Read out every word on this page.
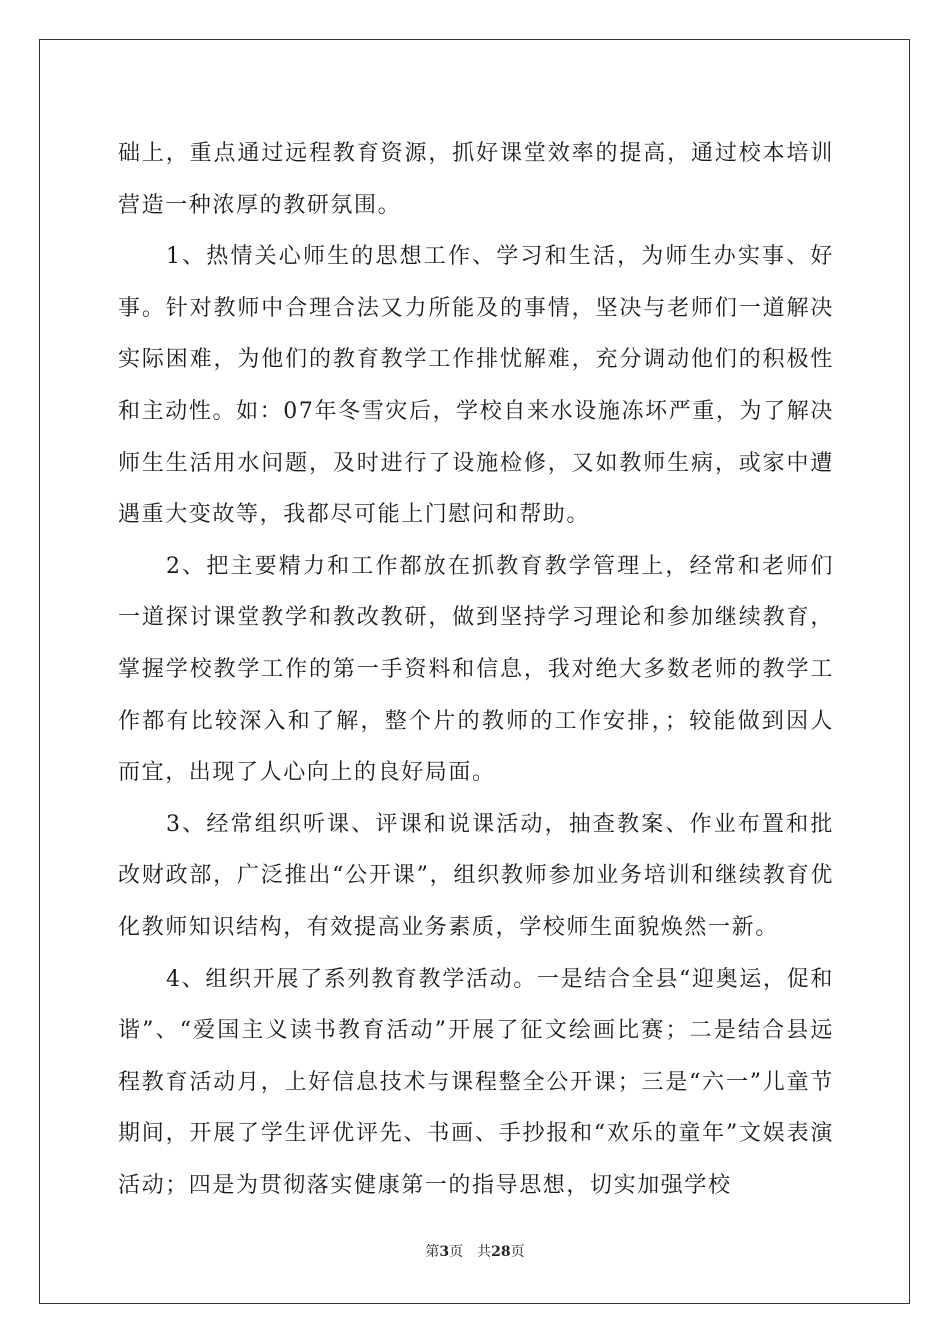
础上，重点通过远程教育资源，抓好课堂效率的提高，通过校本培训营造一种浓厚的教研氛围。

1、热情关心师生的思想工作、学习和生活，为师生办实事、好事。针对教师中合理合法又力所能及的事情，坚决与老师们一道解决实际困难，为他们的教育教学工作排忧解难，充分调动他们的积极性和主动性。如：07年冬雪灾后，学校自来水设施冻坏严重，为了解决师生生活用水问题，及时进行了设施检修，又如教师生病，或家中遭遇重大变故等，我都尽可能上门慰问和帮助。

2、把主要精力和工作都放在抓教育教学管理上，经常和老师们一道探讨课堂教学和教改教研，做到坚持学习理论和参加继续教育，掌握学校教学工作的第一手资料和信息，我对绝大多数老师的教学工作都有比较深入和了解，整个片的教师的工作安排，；较能做到因人而宜，出现了人心向上的良好局面。

3、经常组织听课、评课和说课活动，抽查教案、作业布置和批改财政部，广泛推出“公开课”，组织教师参加业务培训和继续教育优化教师知识结构，有效提高业务素质，学校师生面貌焕然一新。

4、组织开展了系列教育教学活动。一是结合全县“迎奥运，促和谐”、“爱国主义读书教育活动”开展了征文绘画比赛；二是结合县远程教育活动月，上好信息技术与课程整全公开课；三是“六一”儿童节期间，开展了学生评优评先、书画、手抄报和“欢乐的童年”文娱表演活动；四是为贯彻落实健康第一的指导思想，切实加强学校

第3页 共28页
